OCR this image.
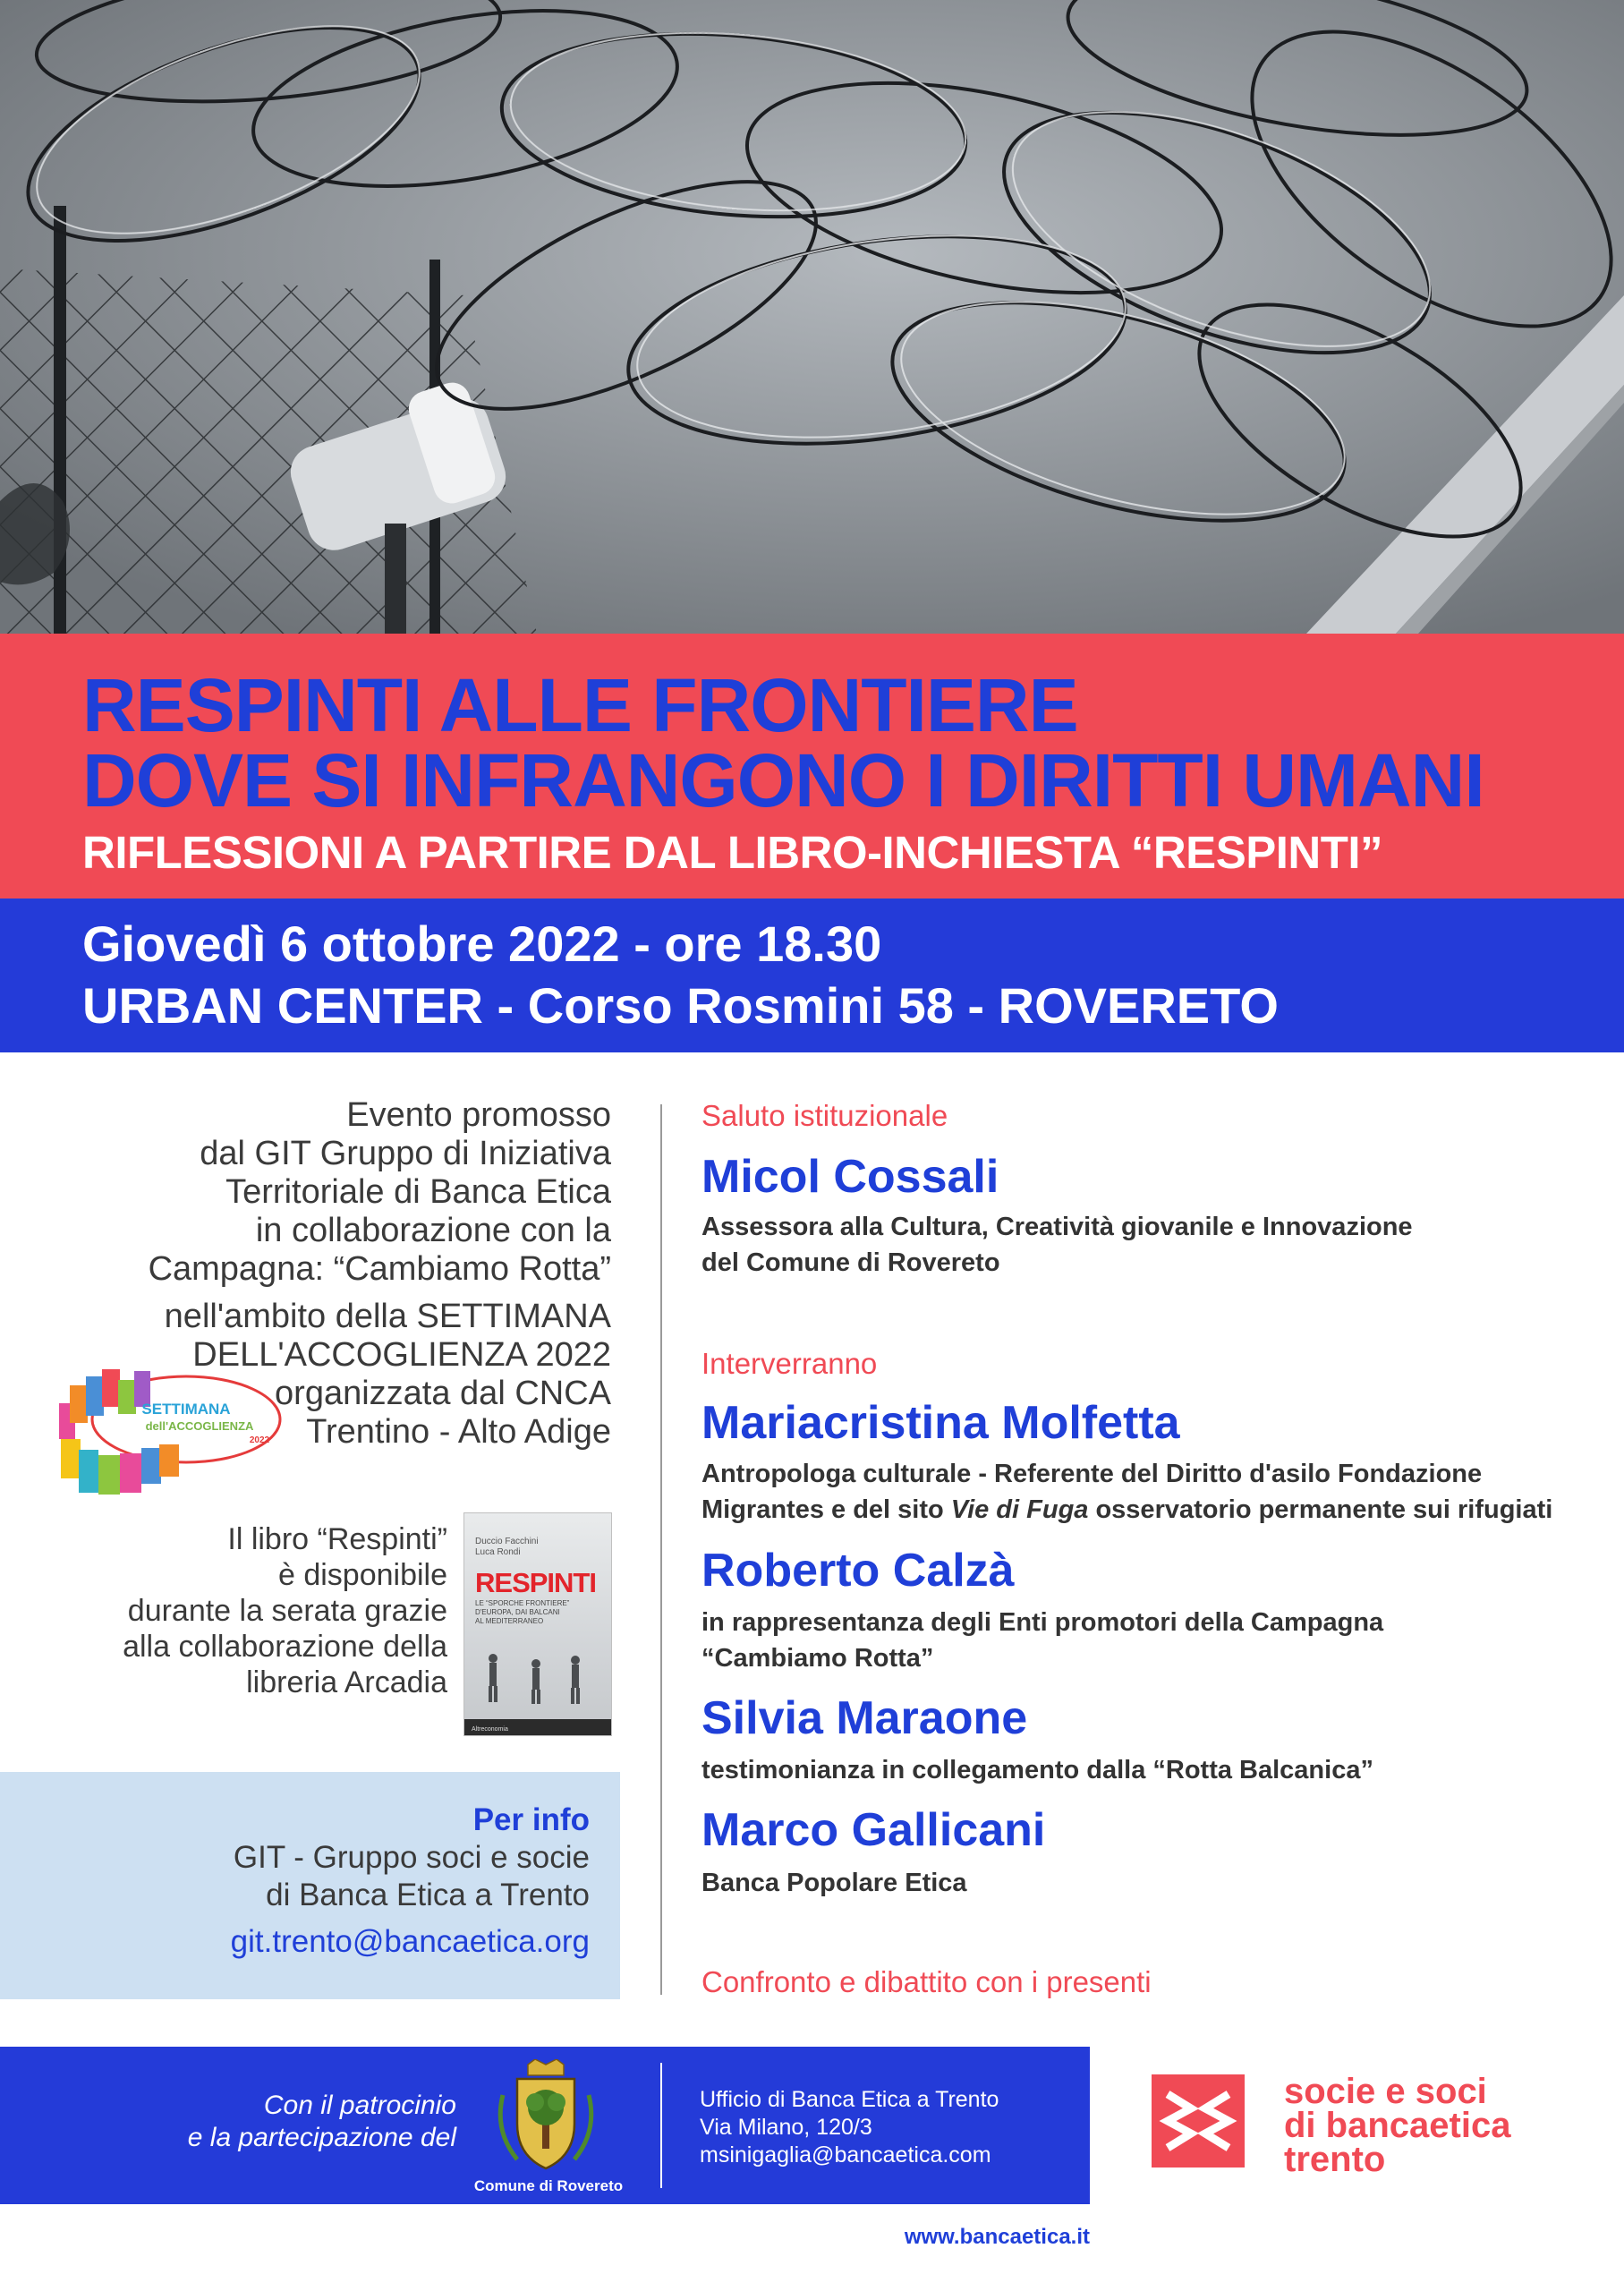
RESPINTI ALLE FRONTIERE
DOVE SI INFRANGONO I DIRITTI UMANI
RIFLESSIONI A PARTIRE DAL LIBRO-INCHIESTA “RESPINTI”
Giovedì 6 ottobre 2022 - ore 18.30
URBAN CENTER - Corso Rosmini 58 - ROVERETO
Evento promosso
dal GIT Gruppo di Iniziativa
Territoriale di Banca Etica
in collaborazione con la
Campagna: “Cambiamo Rotta”
nell'ambito della SETTIMANA
DELL'ACCOGLIENZA 2022
organizzata dal CNCA
Trentino - Alto Adige
SETTIMANA
dell'ACCOGLIENZA
2022
Il libro “Respinti”
è disponibile
durante la serata grazie
alla collaborazione della
libreria Arcadia
Duccio Facchini
Luca Rondi
RESPINTI
LE “SPORCHE FRONTIERE”
D'EUROPA, DAI BALCANI
AL MEDITERRANEO
Altreconomia
Per info
GIT - Gruppo soci e socie
di Banca Etica a Trento
git.trento@bancaetica.org
Saluto istituzionale
Micol Cossali
Assessora alla Cultura, Creatività giovanile e Innovazione
del Comune di Rovereto
Interverranno
Mariacristina Molfetta
Antropologa culturale - Referente del Diritto d'asilo Fondazione
Migrantes e del sito Vie di Fuga osservatorio permanente sui rifugiati
Roberto Calzà
in rappresentanza degli Enti promotori della Campagna
“Cambiamo Rotta”
Silvia Maraone
testimonianza in collegamento dalla “Rotta Balcanica”
Marco Gallicani
Banca Popolare Etica
Confronto e dibattito con i presenti
Con il patrocinio
e la partecipazione del
Comune di Rovereto
Ufficio di Banca Etica a Trento
Via Milano, 120/3
msinigaglia@bancaetica.com
socie e soci
di bancaetica
trento
www.bancaetica.it
